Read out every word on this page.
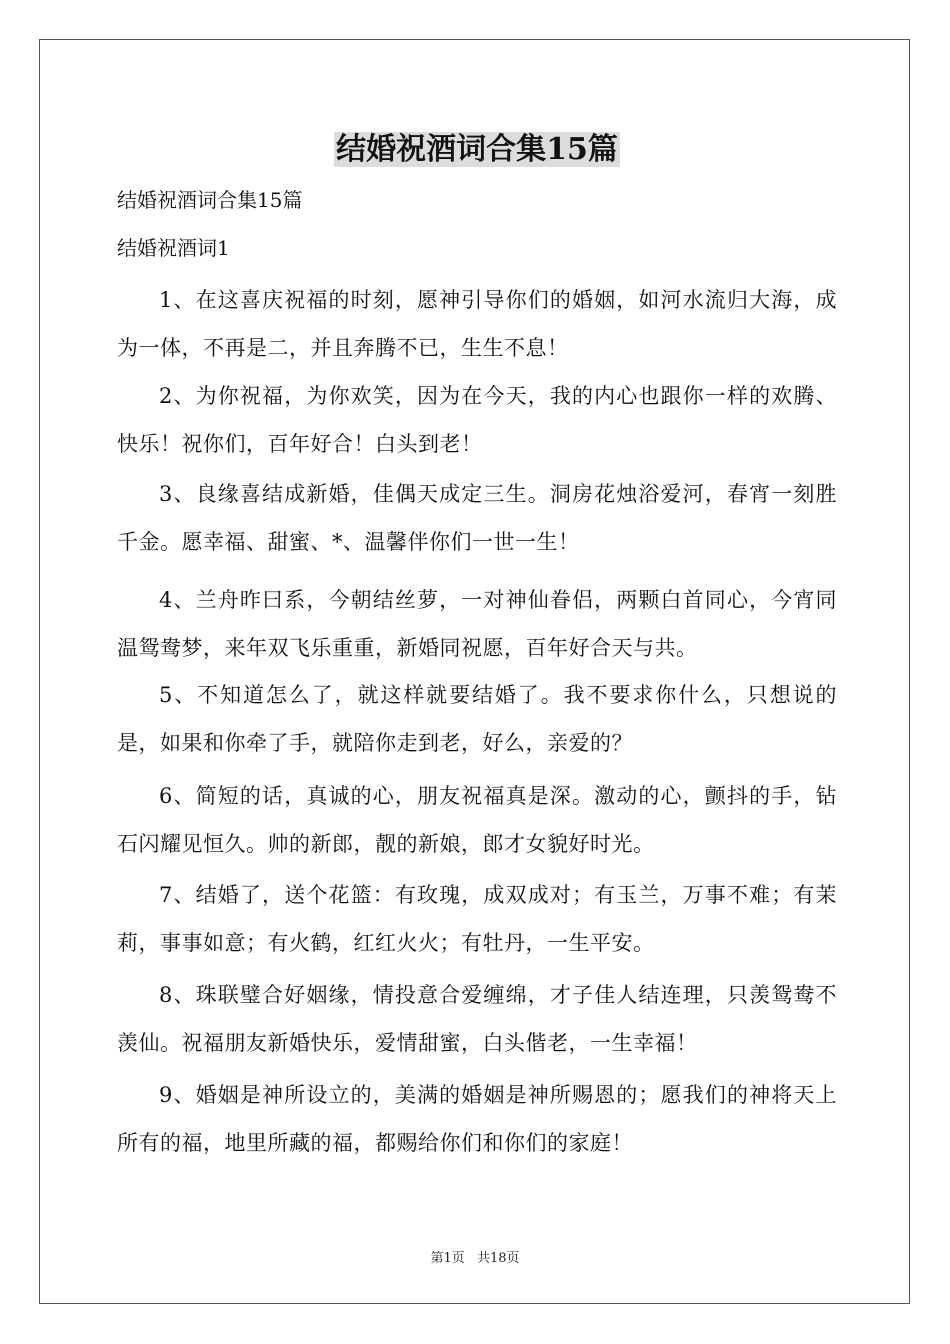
结婚祝酒词合集15篇
结婚祝酒词合集15篇
结婚祝酒词1
1、在这喜庆祝福的时刻，愿神引导你们的婚姻，如河水流归大海，成为一体，不再是二，并且奔腾不已，生生不息！
2、为你祝福，为你欢笑，因为在今天，我的内心也跟你一样的欢腾、快乐！祝你们，百年好合！白头到老！
3、良缘喜结成新婚，佳偶天成定三生。洞房花烛浴爱河，春宵一刻胜千金。愿幸福、甜蜜、*、温馨伴你们一世一生！
4、兰舟昨曰系，今朝结丝萝，一对神仙眷侣，两颗白首同心，今宵同温鸳鸯梦，来年双飞乐重重，新婚同祝愿，百年好合天与共。
5、不知道怎么了，就这样就要结婚了。我不要求你什么，只想说的是，如果和你牵了手，就陪你走到老，好么，亲爱的？
6、简短的话，真诚的心，朋友祝福真是深。激动的心，颤抖的手，钻石闪耀见恒久。帅的新郎，靓的新娘，郎才女貌好时光。
7、结婚了，送个花篮：有玫瑰，成双成对；有玉兰，万事不难；有茉莉，事事如意；有火鹤，红红火火；有牡丹，一生平安。
8、珠联璧合好姻缘，情投意合爱缠绵，才子佳人结连理，只羡鸳鸯不羡仙。祝福朋友新婚快乐，爱情甜蜜，白头偕老，一生幸福！
9、婚姻是神所设立的，美满的婚姻是神所赐恩的；愿我们的神将天上所有的福，地里所藏的福，都赐给你们和你们的家庭！
第1页 共18页
